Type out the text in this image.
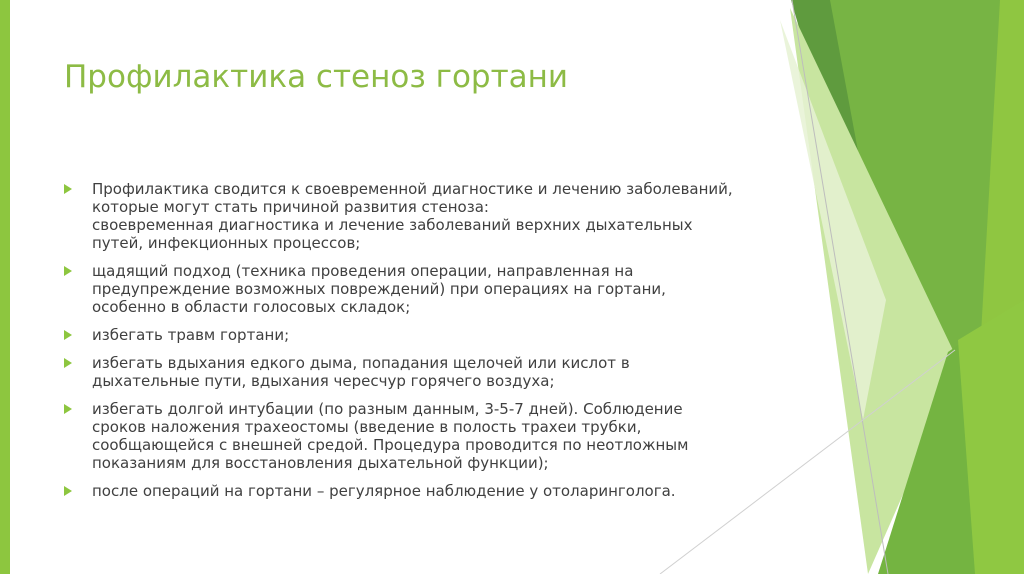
Профилактика стеноз гортани
Профилактика сводится к своевременной диагностике и лечению заболеваний,
которые могут стать причиной развития стеноза:
своевременная диагностика и лечение заболеваний верхних дыхательных
путей, инфекционных процессов;
щадящий подход (техника проведения операции, направленная на
предупреждение возможных повреждений) при операциях на гортани,
особенно в области голосовых складок;
избегать травм гортани;
избегать вдыхания едкого дыма, попадания щелочей или кислот в
дыхательные пути, вдыхания чересчур горячего воздуха;
избегать долгой интубации (по разным данным, 3-5-7 дней). Соблюдение
сроков наложения трахеостомы (введение в полость трахеи трубки,
сообщающейся с внешней средой. Процедура проводится по неотложным
показаниям для восстановления дыхательной функции);
после операций на гортани – регулярное наблюдение у отоларинголога.
